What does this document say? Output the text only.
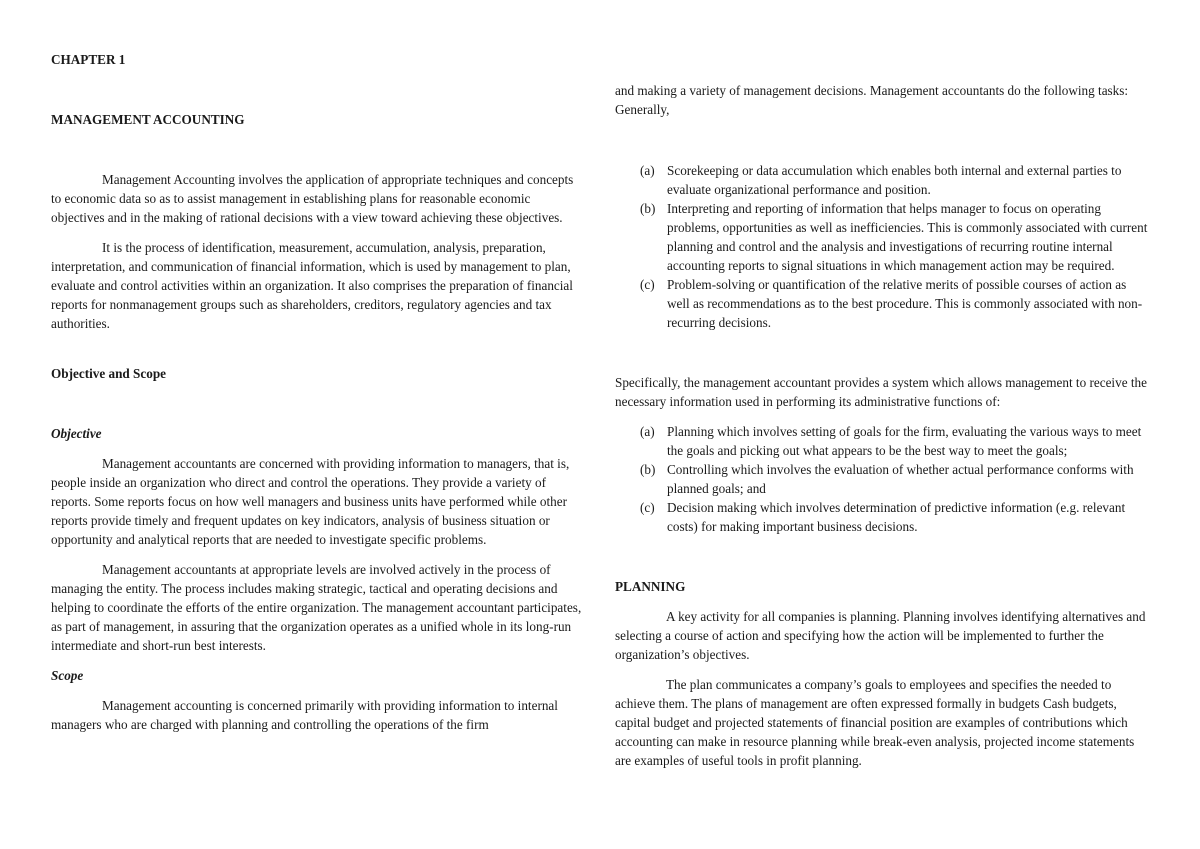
CHAPTER 1

MANAGEMENT ACCOUNTING

Management Accounting involves the application of appropriate techniques and concepts to economic data so as to assist management in establishing plans for reasonable economic objectives and in the making of rational decisions with a view toward achieving these objectives.

It is the process of identification, measurement, accumulation, analysis, preparation, interpretation, and communication of financial information, which is used by management to plan, evaluate and control activities within an organization. It also comprises the preparation of financial reports for nonmanagement groups such as shareholders, creditors, regulatory agencies and tax authorities.

Objective and Scope

Objective

Management accountants are concerned with providing information to managers, that is, people inside an organization who direct and control the operations. They provide a variety of reports. Some reports focus on how well managers and business units have performed while other reports provide timely and frequent updates on key indicators, analysis of business situation or opportunity and analytical reports that are needed to investigate specific problems.

Management accountants at appropriate levels are involved actively in the process of managing the entity. The process includes making strategic, tactical and operating decisions and helping to coordinate the efforts of the entire organization. The management accountant participates, as part of management, in assuring that the organization operates as a unified whole in its long-run intermediate and short-run best interests.

Scope

Management accounting is concerned primarily with providing information to internal managers who are charged with planning and controlling the operations of the firm

and making a variety of management decisions. Management accountants do the following tasks: Generally,

(a) Scorekeeping or data accumulation which enables both internal and external parties to evaluate organizational performance and position.
(b) Interpreting and reporting of information that helps manager to focus on operating problems, opportunities as well as inefficiencies. This is commonly associated with current planning and control and the analysis and investigations of recurring routine internal accounting reports to signal situations in which management action may be required.
(c) Problem-solving or quantification of the relative merits of possible courses of action as well as recommendations as to the best procedure. This is commonly associated with non-recurring decisions.

Specifically, the management accountant provides a system which allows management to receive the necessary information used in performing its administrative functions of:

(a) Planning which involves setting of goals for the firm, evaluating the various ways to meet the goals and picking out what appears to be the best way to meet the goals;
(b) Controlling which involves the evaluation of whether actual performance conforms with planned goals; and
(c) Decision making which involves determination of predictive information (e.g. relevant costs) for making important business decisions.

PLANNING

A key activity for all companies is planning. Planning involves identifying alternatives and selecting a course of action and specifying how the action will be implemented to further the organization’s objectives.

The plan communicates a company’s goals to employees and specifies the needed to achieve them. The plans of management are often expressed formally in budgets Cash budgets, capital budget and projected statements of financial position are examples of contributions which accounting can make in resource planning while break-even analysis, projected income statements are examples of useful tools in profit planning.
